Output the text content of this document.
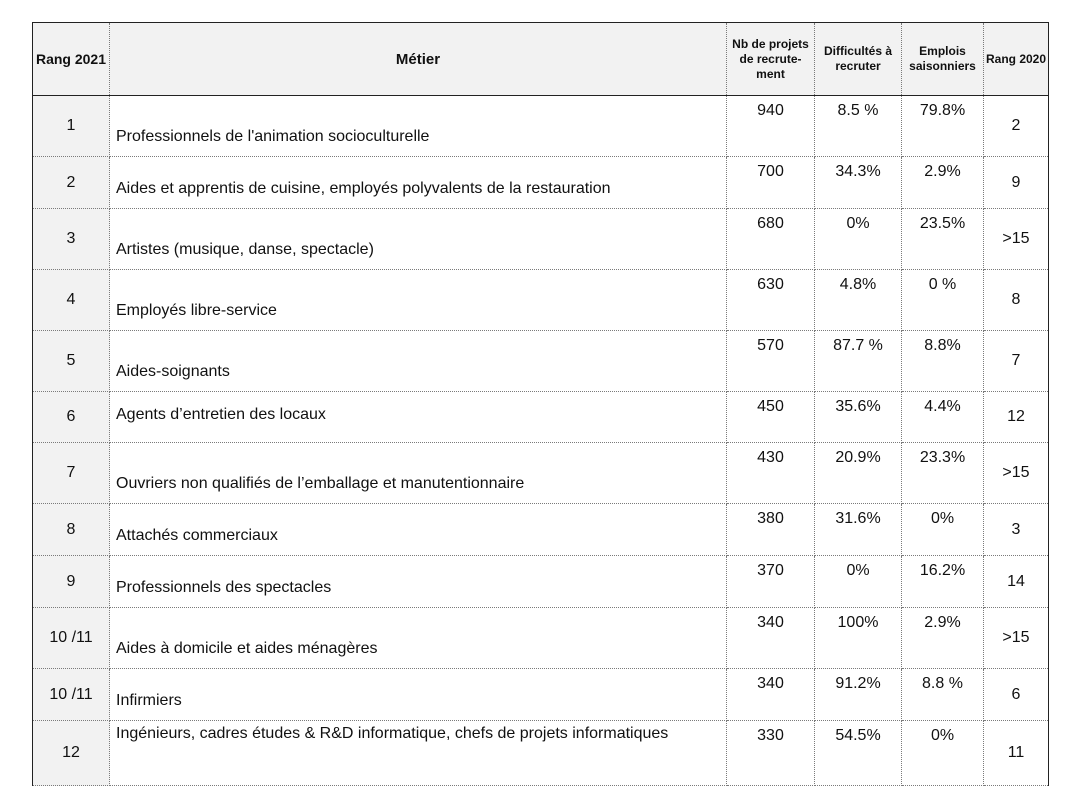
Rang 2021	Métier	Nb de projets de recrute-ment	Difficultés à recruter	Emplois saisonniers	Rang 2020
1	Professionnels de l'animation socioculturelle	940	8.5 %	79.8%	2
2	Aides et apprentis de cuisine, employés polyvalents de la restauration	700	34.3%	2.9%	9
3	Artistes (musique, danse, spectacle)	680	0%	23.5%	>15
4	Employés libre-service	630	4.8%	0 %	8
5	Aides-soignants	570	87.7 %	8.8%	7
6	Agents d’entretien des locaux	450	35.6%	4.4%	12
7	Ouvriers non qualifiés de l’emballage et manutentionnaire	430	20.9%	23.3%	>15
8	Attachés commerciaux	380	31.6%	0%	3
9	Professionnels des spectacles	370	0%	16.2%	14
10 /11	Aides à domicile et aides ménagères	340	100%	2.9%	>15
10 /11	Infirmiers	340	91.2%	8.8 %	6
12	Ingénieurs, cadres études & R&D informatique, chefs de projets informatiques	330	54.5%	0%	11
